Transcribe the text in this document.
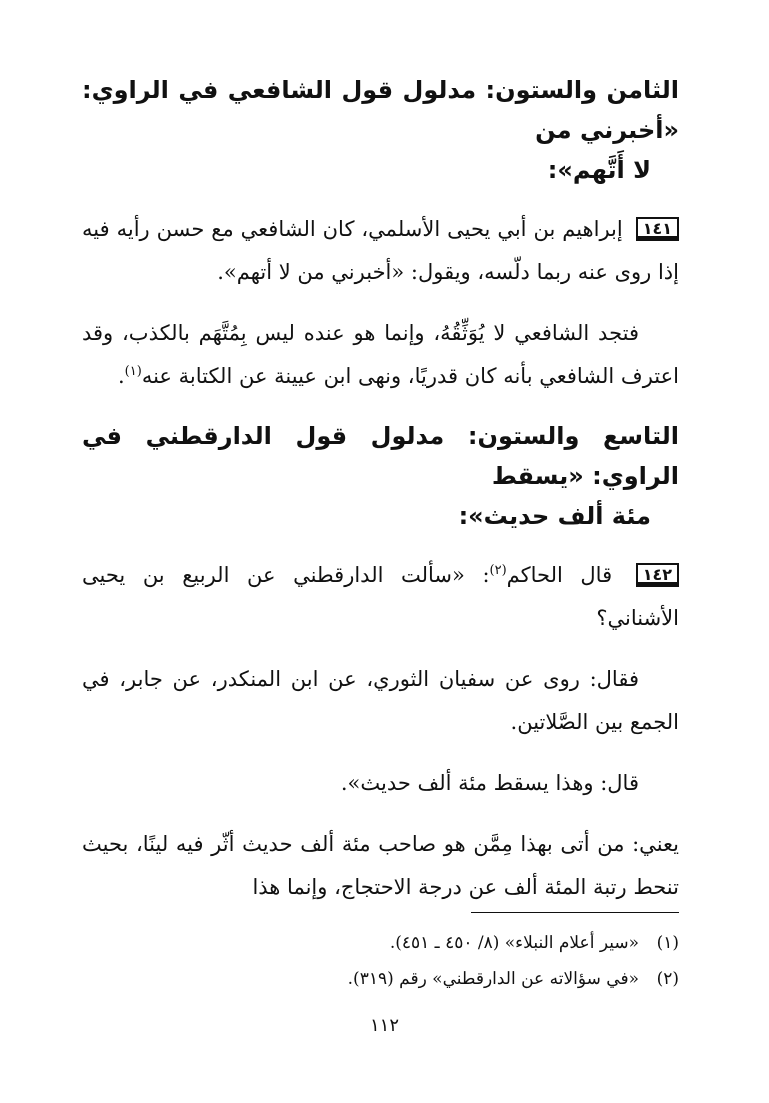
الثامن والستون: مدلول قول الشافعي في الراوي: «أخبرني من
لا أَتَّهم»:

١٤١ إبراهيم بن أبي يحيى الأسلمي، كان الشافعي مع حسن رأيه فيه إذا روى عنه ربما دلّسه، ويقول: «أخبرني من لا أتهم».

فتجد الشافعي لا يُوَثِّقُهُ، وإنما هو عنده ليس بِمُتَّهَم بالكذب، وقد اعترف الشافعي بأنه كان قدريًا، ونهى ابن عيينة عن الكتابة عنه$^{(١)}$.

التاسع والستون: مدلول قول الدارقطني في الراوي: «يسقط
مئة ألف حديث»:

١٤٢ قال الحاكم$^{(٢)}$: «سألت الدارقطني عن الربيع بن يحيى الأشناني؟

فقال: روى عن سفيان الثوري، عن ابن المنكدر، عن جابر، في الجمع بين الصَّلاتين.

قال: وهذا يسقط مئة ألف حديث».

يعني: من أتى بهذا مِمَّن هو صاحب مئة ألف حديث أثّر فيه لينًا، بحيث تنحط رتبة المئة ألف عن درجة الاحتجاج، وإنما هذا

(١)«سير أعلام النبلاء» (٨/ ٤٥٠ ـ ٤٥١).
(٢)«في سؤالاته عن الدارقطني» رقم (٣١٩).
١١٢
